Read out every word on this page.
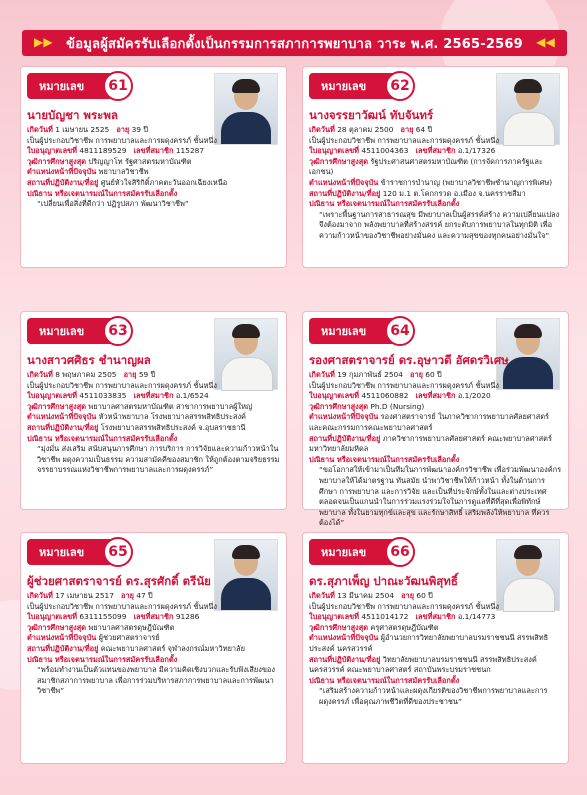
▶▶ ข้อมูลผู้สมัครรับเลือกตั้งเป็นกรรมการสภาการพยาบาล วาระ พ.ศ. 2565-2569 ◀◀
หมายเลข	61
นายบัญชา พระพล
เกิดวันที่ 1 เมษายน 2525 อายุ 39 ปี
เป็นผู้ประกอบวิชาชีพ การพยาบาลและการผดุงครรภ์ ชั้นหนึ่ง
ใบอนุญาตเลขที่ 4811189529 เลขที่สมาชิก 115287
วุฒิการศึกษาสูงสุด ปริญญาโท รัฐศาสตรมหาบัณฑิต
ตำแหน่งหน้าที่ปัจจุบัน พยาบาลวิชาชีพ
สถานที่ปฏิบัติงาน/ที่อยู่ ศูนย์หัวใจสิริกิติ์ภาคตะวันออกเฉียงเหนือ
ปณิธาน หรือเจตนารมณ์ในการสมัครรับเลือกตั้ง
“เปลี่ยนเพื่อสิ่งที่ดีกว่า ปฏิรูปสภา พัฒนาวิชาชีพ”
หมายเลข	62
นางจรรยาวัฒน์ ทับจันทร์
เกิดวันที่ 28 ตุลาคม 2500 อายุ 64 ปี
เป็นผู้ประกอบวิชาชีพ การพยาบาลและการผดุงครรภ์ ชั้นหนึ่ง
ใบอนุญาตเลขที่ 4511004363 เลขที่สมาชิก อ.1/17326
วุฒิการศึกษาสูงสุด รัฐประศาสนศาสตรมหาบัณฑิต (การจัดการภาครัฐและเอกชน)
ตำแหน่งหน้าที่ปัจจุบัน ข้าราชการบำนาญ (พยาบาลวิชาชีพชำนาญการพิเศษ)
สถานที่ปฏิบัติงาน/ที่อยู่ 120 ม.1 ต.โคกกรวด อ.เมือง จ.นครราชสีมา
ปณิธาน หรือเจตนารมณ์ในการสมัครรับเลือกตั้ง
“เพราะพื้นฐานการสาธารณสุข มีพยาบาลเป็นผู้สรรค์สร้าง ความเปลี่ยนแปลงจึงต้องมาจาก พลังพยาบาลที่สร้างสรรค์ ยกระดับการพยาบาลในทุกมิติ เพื่อความก้าวหน้าของวิชาชีพอย่างมั่นคง และความสุขของทุกคนอย่างมั่นใจ”
หมายเลข	63
นางสาวศศิธร ชำนาญผล
เกิดวันที่ 8 พฤษภาคม 2505 อายุ 59 ปี
เป็นผู้ประกอบวิชาชีพ การพยาบาลและการผดุงครรภ์ ชั้นหนึ่ง
ใบอนุญาตเลขที่ 4511033835 เลขที่สมาชิก อ.1/6524
วุฒิการศึกษาสูงสุด พยาบาลศาสตรมหาบัณฑิต สาขาการพยาบาลผู้ใหญ่
ตำแหน่งหน้าที่ปัจจุบัน หัวหน้าพยาบาล โรงพยาบาลสรรพสิทธิประสงค์
สถานที่ปฏิบัติงาน/ที่อยู่ โรงพยาบาลสรรพสิทธิประสงค์ จ.อุบลราชธานี
ปณิธาน หรือเจตนารมณ์ในการสมัครรับเลือกตั้ง
“มุ่งมั่น ส่งเสริม สนับสนุนการศึกษา การบริการ การวิจัยและความก้าวหน้าในวิชาชีพ ผดุงความเป็นธรรม ความสามัคคีของสมาชิก ให้ถูกต้องตามจริยธรรม จรรยาบรรณแห่งวิชาชีพการพยาบาลและการผดุงครรภ์”
หมายเลข	64
รองศาสตราจารย์ ดร.อุษาวดี อัศดรวิเศษ
เกิดวันที่ 19 กุมภาพันธ์ 2504 อายุ 60 ปี
เป็นผู้ประกอบวิชาชีพ การพยาบาลและการผดุงครรภ์ ชั้นหนึ่ง
ใบอนุญาตเลขที่ 4511060882 เลขที่สมาชิก อ.1/2020
วุฒิการศึกษาสูงสุด Ph.D (Nursing)
ตำแหน่งหน้าที่ปัจจุบัน รองศาสตราจารย์ ในภาควิชาการพยาบาลศัลยศาสตร์ และคณะกรรมการคณะพยาบาลศาสตร์
สถานที่ปฏิบัติงาน/ที่อยู่ ภาควิชาการพยาบาลศัลยศาสตร์ คณะพยาบาลศาสตร์ มหาวิทยาลัยมหิดล
ปณิธาน หรือเจตนารมณ์ในการสมัครรับเลือกตั้ง
“ขอโอกาสให้เข้ามาเป็นทีมในการพัฒนาองค์กรวิชาชีพ เพื่อร่วมพัฒนาองค์กรพยาบาลให้ได้มาตรฐาน ทันสมัย นำพาวิชาชีพให้ก้าวหน้า ทั้งในด้านการศึกษา การพยาบาล และการวิจัย และเป็นที่ประจักษ์ทั้งในและต่างประเทศ ตลอดจนเป็นแกนนำในการร่วมแรงร่วมใจในการดูแลที่ดีที่สุดเพื่อพิทักษ์พยาบาล ทั้งในยามทุกข์และสุข และรักษาสิทธิ์ เสริมพลังให้พยาบาล ที่ควรต้องได้”
หมายเลข	65
ผู้ช่วยศาสตราจารย์ ดร.สุรศักดิ์ ตรีนัย
เกิดวันที่ 17 เมษายน 2517 อายุ 47 ปี
เป็นผู้ประกอบวิชาชีพ การพยาบาลและการผดุงครรภ์ ชั้นหนึ่ง
ใบอนุญาตเลขที่ 6311155099 เลขที่สมาชิก 91286
วุฒิการศึกษาสูงสุด พยาบาลศาสตรดุษฎีบัณฑิต
ตำแหน่งหน้าที่ปัจจุบัน ผู้ช่วยศาสตราจารย์
สถานที่ปฏิบัติงาน/ที่อยู่ คณะพยาบาลศาสตร์ จุฬาลงกรณ์มหาวิทยาลัย
ปณิธาน หรือเจตนารมณ์ในการสมัครรับเลือกตั้ง
“พร้อมทำงานเป็นตัวแทนของพยาบาล มีความคิดเชิงบวกและรับฟังเสียงของสมาชิกสภาการพยาบาล เพื่อการร่วมบริหารสภาการพยาบาลและการพัฒนาวิชาชีพ”
หมายเลข	66
ดร.สุภาเพ็ญ ปาณะวัฒนพิสุทธิ์
เกิดวันที่ 13 มีนาคม 2504 อายุ 60 ปี
เป็นผู้ประกอบวิชาชีพ การพยาบาลและการผดุงครรภ์ ชั้นหนึ่ง
ใบอนุญาตเลขที่ 4511014172 เลขที่สมาชิก อ.1/14773
วุฒิการศึกษาสูงสุด ครุศาสตรดุษฎีบัณฑิต
ตำแหน่งหน้าที่ปัจจุบัน ผู้อำนวยการวิทยาลัยพยาบาลบรมราชชนนี สรรพสิทธิประสงค์ นครสวรรค์
สถานที่ปฏิบัติงาน/ที่อยู่ วิทยาลัยพยาบาลบรมราชชนนี สรรพสิทธิประสงค์ นครสวรรค์ คณะพยาบาลศาสตร์ สถาบันพระบรมราชชนก
ปณิธาน หรือเจตนารมณ์ในการสมัครรับเลือกตั้ง
“เสริมสร้างความก้าวหน้าและผดุงเกียรติของวิชาชีพการพยาบาลและการผดุงครรภ์ เพื่อคุณภาพชีวิตที่ดีของประชาชน”
